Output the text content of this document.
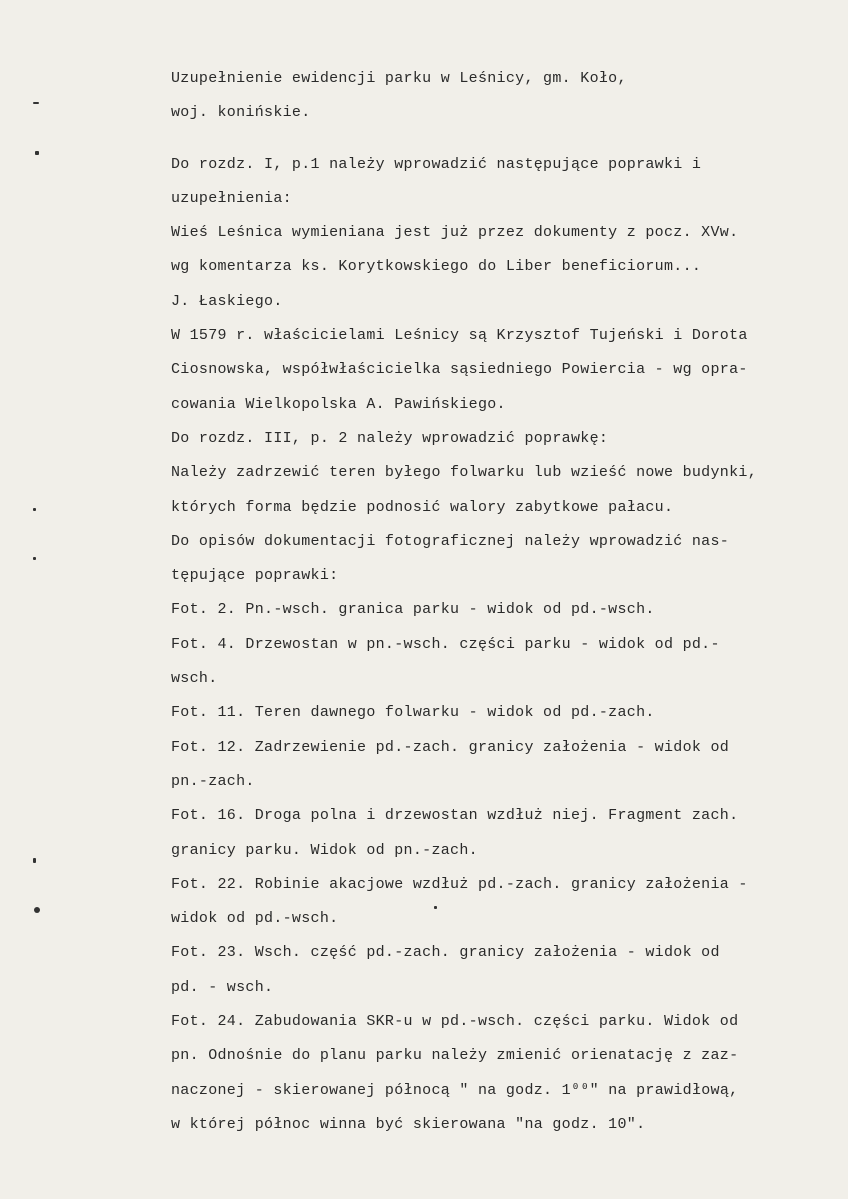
Uzupełnienie ewidencji parku w Leśnicy, gm. Koło,
woj. konińskie.
Do rozdz. I, p.1 należy wprowadzić następujące poprawki i
uzupełnienia:
Wieś Leśnica wymieniana jest już przez dokumenty z pocz. XVw.
wg komentarza ks. Korytkowskiego do Liber beneficiorum...
J. Łaskiego.
W 1579 r. właścicielami Leśnicy są Krzysztof Tujeński i Dorota
Ciosnowska, współwłaścicielka sąsiedniego Powiercia - wg opra-
cowania Wielkopolska A. Pawińskiego.
Do rozdz. III, p. 2 należy wprowadzić poprawkę:
Należy zadrzewić teren byłego folwarku lub wzieść nowe budynki,
których forma będzie podnosić walory zabytkowe pałacu.
Do opisów dokumentacji fotograficznej należy wprowadzić nas-
tępujące poprawki:
Fot. 2. Pn.-wsch. granica parku - widok od pd.-wsch.
Fot. 4. Drzewostan w pn.-wsch. części parku - widok od pd.-
wsch.
Fot. 11. Teren dawnego folwarku - widok od pd.-zach.
Fot. 12. Zadrzewienie pd.-zach. granicy założenia - widok od
pn.-zach.
Fot. 16. Droga polna i drzewostan wzdłuż niej. Fragment zach.
granicy parku. Widok od pn.-zach.
Fot. 22. Robinie akacjowe wzdłuż pd.-zach. granicy założenia -
widok od pd.-wsch.
Fot. 23. Wsch. część pd.-zach. granicy założenia - widok od
pd. - wsch.
Fot. 24. Zabudowania SKR-u w pd.-wsch. części parku. Widok od
pn. Odnośnie do planu parku należy zmienić orienatację z zaz-
naczonej - skierowanej północą " na godz. 1⁰⁰" na prawidłową,
w której północ winna być skierowana "na godz. 10".
